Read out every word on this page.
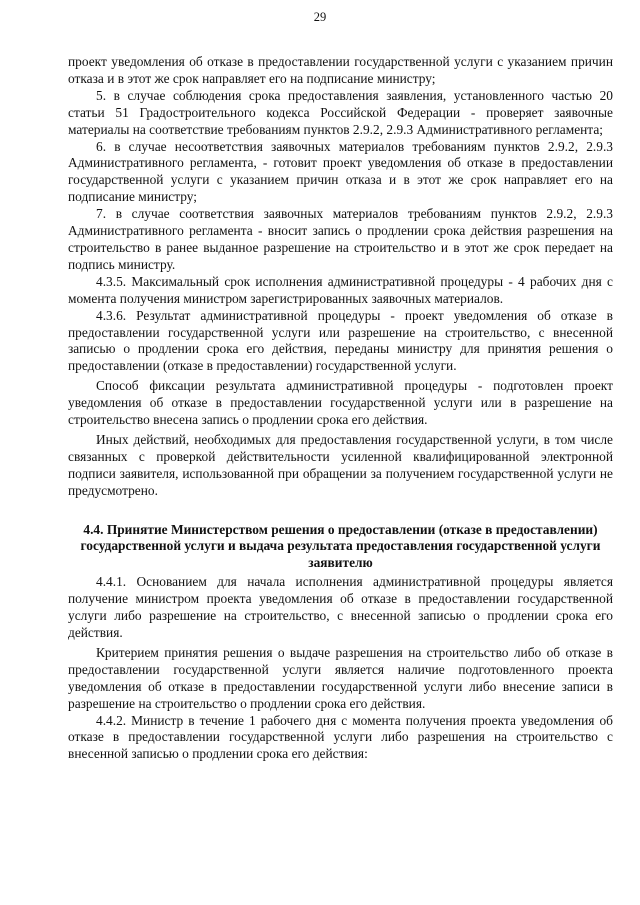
29

проект уведомления об отказе в предоставлении государственной услуги с указанием причин отказа и в этот же срок направляет его на подписание министру;

5. в случае соблюдения срока предоставления заявления, установленного частью 20 статьи 51 Градостроительного кодекса Российской Федерации - проверяет заявочные материалы на соответствие требованиям пунктов 2.9.2, 2.9.3 Административного регламента;

6. в случае несоответствия заявочных материалов требованиям пунктов 2.9.2, 2.9.3 Административного регламента, - готовит проект уведомления об отказе в предоставлении государственной услуги с указанием причин отказа и в этот же срок направляет его на подписание министру;

7. в случае соответствия заявочных материалов требованиям пунктов 2.9.2, 2.9.3 Административного регламента - вносит запись о продлении срока действия разрешения на строительство в ранее выданное разрешение на строительство и в этот же срок передает на подпись министру.

4.3.5. Максимальный срок исполнения административной процедуры - 4 рабочих дня с момента получения министром зарегистрированных заявочных материалов.

4.3.6. Результат административной процедуры - проект уведомления об отказе в предоставлении государственной услуги или разрешение на строительство, с внесенной записью о продлении срока его действия, переданы министру для принятия решения о предоставлении (отказе в предоставлении) государственной услуги.

Способ фиксации результата административной процедуры - подготовлен проект уведомления об отказе в предоставлении государственной услуги или в разрешение на строительство внесена запись о продлении срока его действия.

Иных действий, необходимых для предоставления государственной услуги, в том числе связанных с проверкой действительности усиленной квалифицированной электронной подписи заявителя, использованной при обращении за получением государственной услуги не предусмотрено.

4.4. Принятие Министерством решения о предоставлении (отказе в предоставлении) государственной услуги и выдача результата предоставления государственной услуги заявителю

4.4.1. Основанием для начала исполнения административной процедуры является получение министром проекта уведомления об отказе в предоставлении государственной услуги либо разрешение на строительство, с внесенной записью о продлении срока его действия.

Критерием принятия решения о выдаче разрешения на строительство либо об отказе в предоставлении государственной услуги является наличие подготовленного проекта уведомления об отказе в предоставлении государственной услуги либо внесение записи в разрешение на строительство о продлении срока его действия.

4.4.2. Министр в течение 1 рабочего дня с момента получения проекта уведомления об отказе в предоставлении государственной услуги либо разрешения на строительство с внесенной записью о продлении срока его действия:
